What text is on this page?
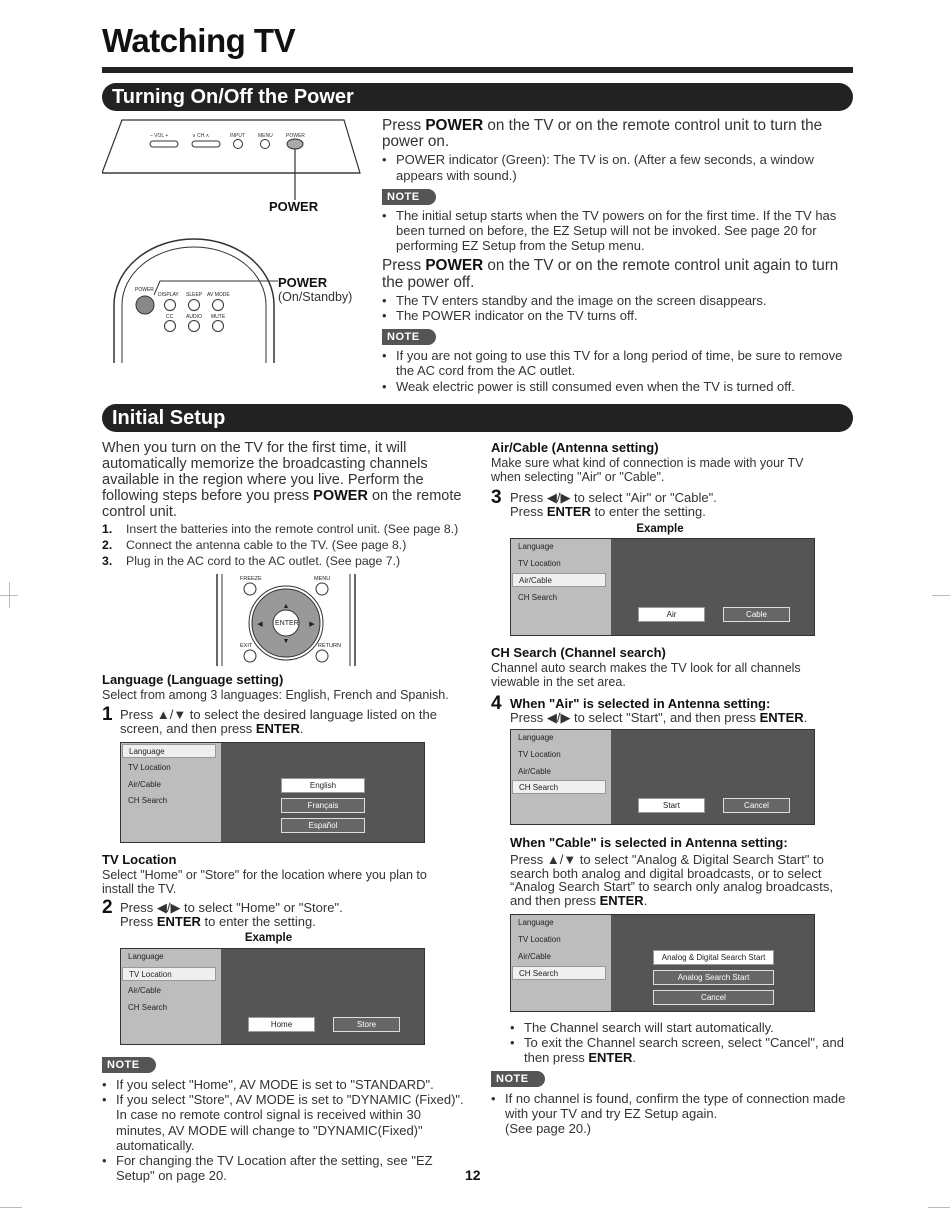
Watching TV
Turning On/Off the Power
– VOL +	∨ CH ∧	INPUT	MENU	POWER
POWER
POWER
DISPLAY SLEEP AV MODE
CC	AUDIO MUTE
POWER
(On/Standby)
Press POWER on the TV or on the remote control unit to turn the power on.
• POWER indicator (Green): The TV is on. (After a few seconds, a window appears with sound.)
NOTE
• The initial setup starts when the TV powers on for the first time. If the TV has been turned on before, the EZ Setup will not be invoked. See page 20 for performing EZ Setup from the Setup menu.
Press POWER on the TV or on the remote control unit again to turn the power off.
• The TV enters standby and the image on the screen disappears.
• The POWER indicator on the TV turns off.
NOTE
• If you are not going to use this TV for a long period of time, be sure to remove the AC cord from the AC outlet.
• Weak electric power is still consumed even when the TV is turned off.
Initial Setup
When you turn on the TV for the first time, it will automatically memorize the broadcasting channels available in the region where you live. Perform the following steps before you press POWER on the remote control unit.
1. Insert the batteries into the remote control unit. (See page 8.)
2. Connect the antenna cable to the TV. (See page 8.)
3. Plug in the AC cord to the AC outlet. (See page 7.)
▲
▼
◀	▶
FREEZE	MENU
ENTER
EXIT	RETURN
Language (Language setting)
Select from among 3 languages: English, French and Spanish.
1 Press ▲/▼ to select the desired language listed on the screen, and then press ENTER.
Language
TV Location
Air/Cable
CH Search
English
Français
Español
TV Location
Select "Home" or "Store" for the location where you plan to install the TV.
2 Press ◀/▶ to select "Home" or "Store".
Press ENTER to enter the setting.
Example
Language
TV Location
Air/Cable
CH Search
Home	Store
NOTE
• If you select "Home", AV MODE is set to "STANDARD".
• If you select "Store", AV MODE is set to "DYNAMIC (Fixed)". In case no remote control signal is received within 30 minutes, AV MODE will change to "DYNAMIC(Fixed)" automatically.
• For changing the TV Location after the setting, see "EZ Setup" on page 20.
Air/Cable (Antenna setting)
Make sure what kind of connection is made with your TV when selecting "Air" or "Cable".
3 Press ◀/▶ to select "Air" or "Cable".
Press ENTER to enter the setting.
Example
Language
TV Location
Air/Cable
CH Search
Air	Cable
CH Search (Channel search)
Channel auto search makes the TV look for all channels viewable in the set area.
4 When "Air" is selected in Antenna setting:
Press ◀/▶ to select "Start", and then press ENTER.
Language
TV Location
Air/Cable
CH Search
Start	Cancel
When "Cable" is selected in Antenna setting:
Press ▲/▼ to select "Analog & Digital Search Start" to search both analog and digital broadcasts, or to select “Analog Search Start” to search only analog broadcasts, and then press ENTER.
Language
TV Location
Air/Cable
CH Search
Analog & Digital Search Start
Analog Search Start
Cancel
• The Channel search will start automatically.
• To exit the Channel search screen, select "Cancel", and then press ENTER.
NOTE
• If no channel is found, confirm the type of connection made with your TV and try EZ Setup again.
(See page 20.)
12
